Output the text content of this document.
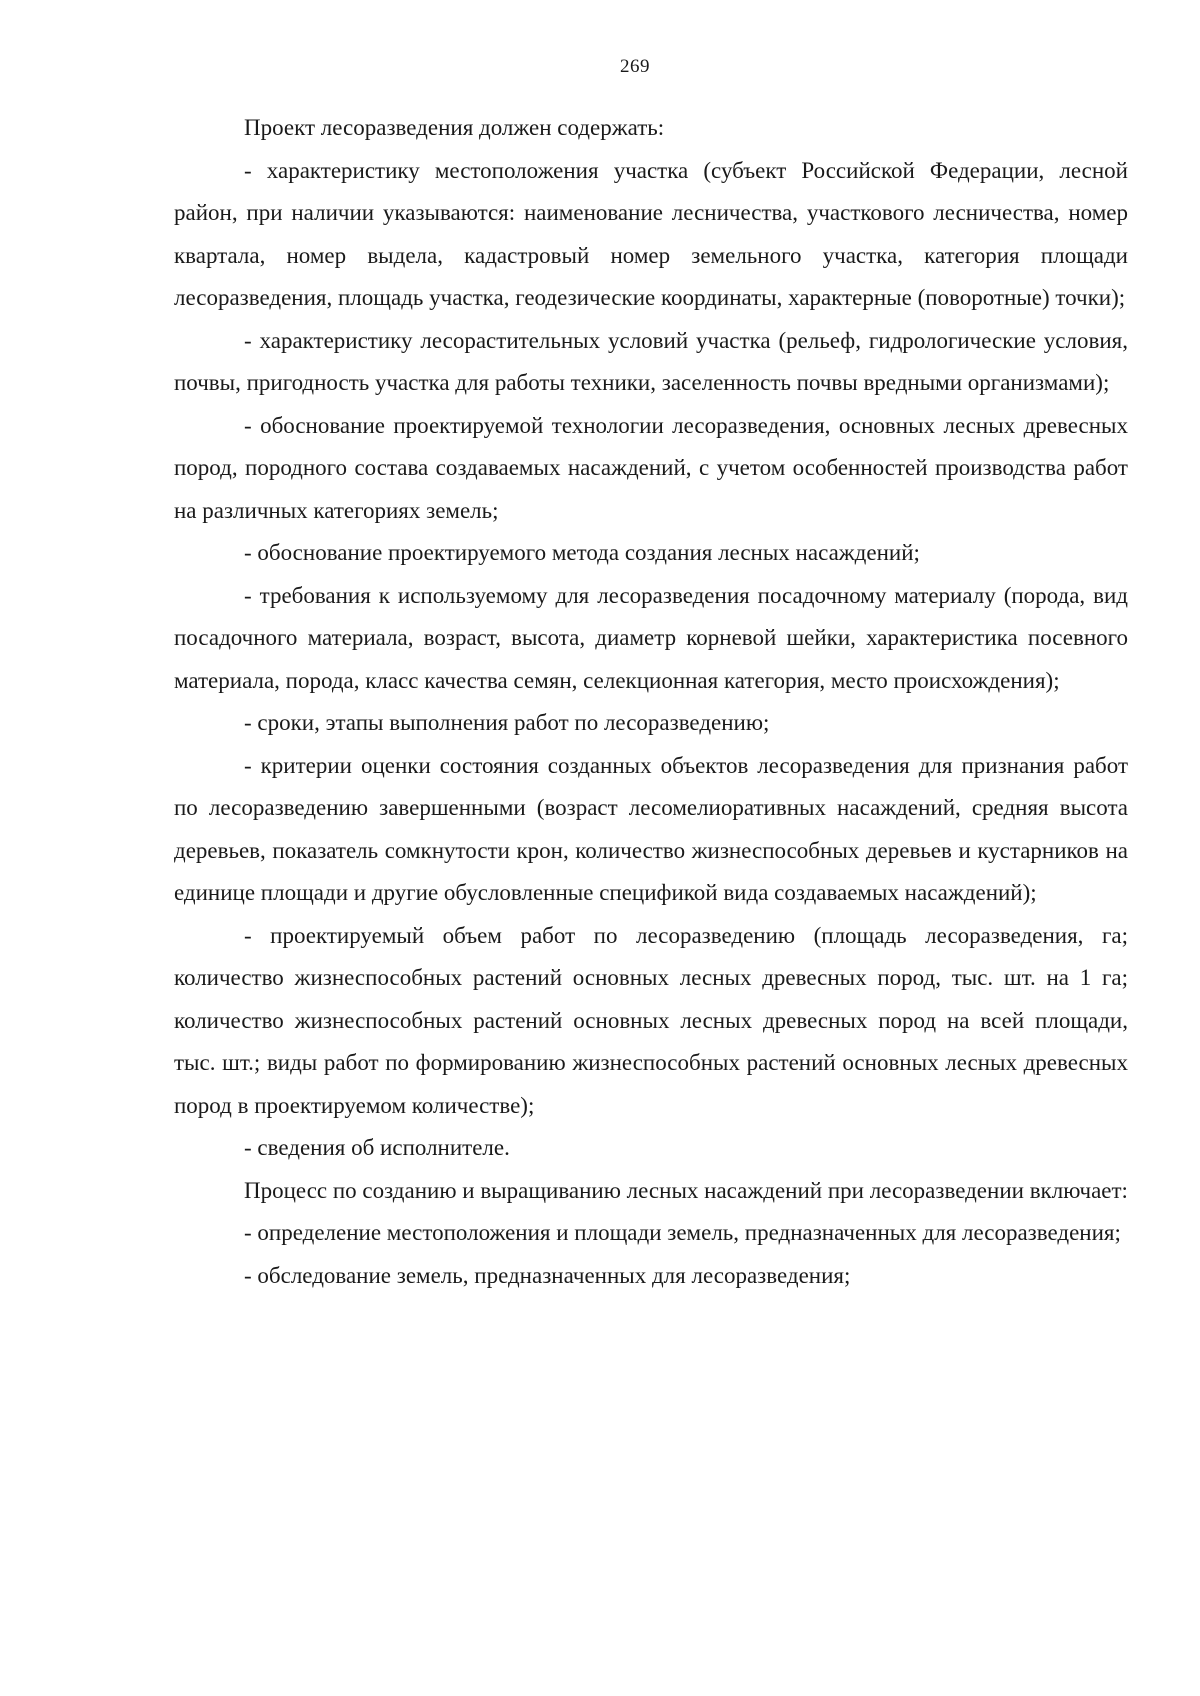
269

Проект лесоразведения должен содержать:

- характеристику местоположения участка (субъект Российской Федерации, лесной район, при наличии указываются: наименование лесничества, участкового лесничества, номер квартала, номер выдела, кадастровый номер земельного участка, категория площади лесоразведения, площадь участка, геодезические координаты, характерные (поворотные) точки);

- характеристику лесорастительных условий участка (рельеф, гидрологические условия, почвы, пригодность участка для работы техники, заселенность почвы вредными организмами);

- обоснование проектируемой технологии лесоразведения, основных лесных древесных пород, породного состава создаваемых насаждений, с учетом особенностей производства работ на различных категориях земель;

- обоснование проектируемого метода создания лесных насаждений;

- требования к используемому для лесоразведения посадочному материалу (порода, вид посадочного материала, возраст, высота, диаметр корневой шейки, характеристика посевного материала, порода, класс качества семян, селекционная категория, место происхождения);

- сроки, этапы выполнения работ по лесоразведению;

- критерии оценки состояния созданных объектов лесоразведения для признания работ по лесоразведению завершенными (возраст лесомелиоративных насаждений, средняя высота деревьев, показатель сомкнутости крон, количество жизнеспособных деревьев и кустарников на единице площади и другие обусловленные спецификой вида создаваемых насаждений);

- проектируемый объем работ по лесоразведению (площадь лесоразведения, га; количество жизнеспособных растений основных лесных древесных пород, тыс. шт. на 1 га; количество жизнеспособных растений основных лесных древесных пород на всей площади, тыс. шт.; виды работ по формированию жизнеспособных растений основных лесных древесных пород в проектируемом количестве);

- сведения об исполнителе.

Процесс по созданию и выращиванию лесных насаждений при лесоразведении включает:

- определение местоположения и площади земель, предназначенных для лесоразведения;

- обследование земель, предназначенных для лесоразведения;
